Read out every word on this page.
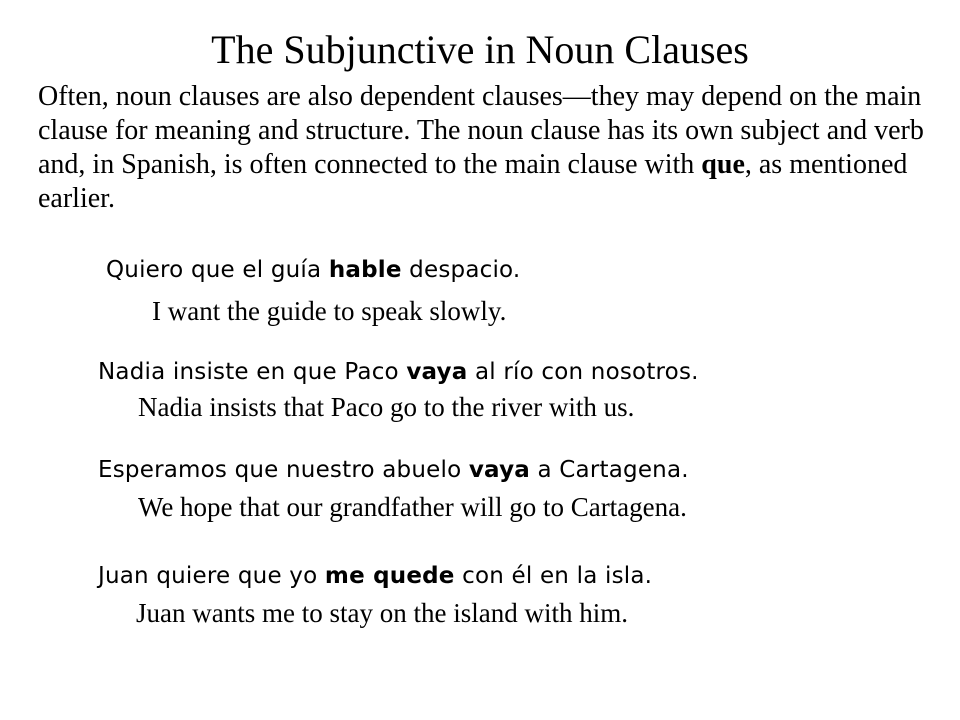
The Subjunctive in Noun Clauses
Often, noun clauses are also dependent clauses—they may depend on the main clause for meaning and structure. The noun clause has its own subject and verb and, in Spanish, is often connected to the main clause with que, as mentioned earlier.
Quiero que el guía hable despacio.
I want the guide to speak slowly.
Nadia insiste en que Paco vaya al río con nosotros.
Nadia insists that Paco go to the river with us.
Esperamos que nuestro abuelo vaya a Cartagena.
We hope that our grandfather will go to Cartagena.
Juan quiere que yo me quede con él en la isla.
Juan wants me to stay on the island with him.
